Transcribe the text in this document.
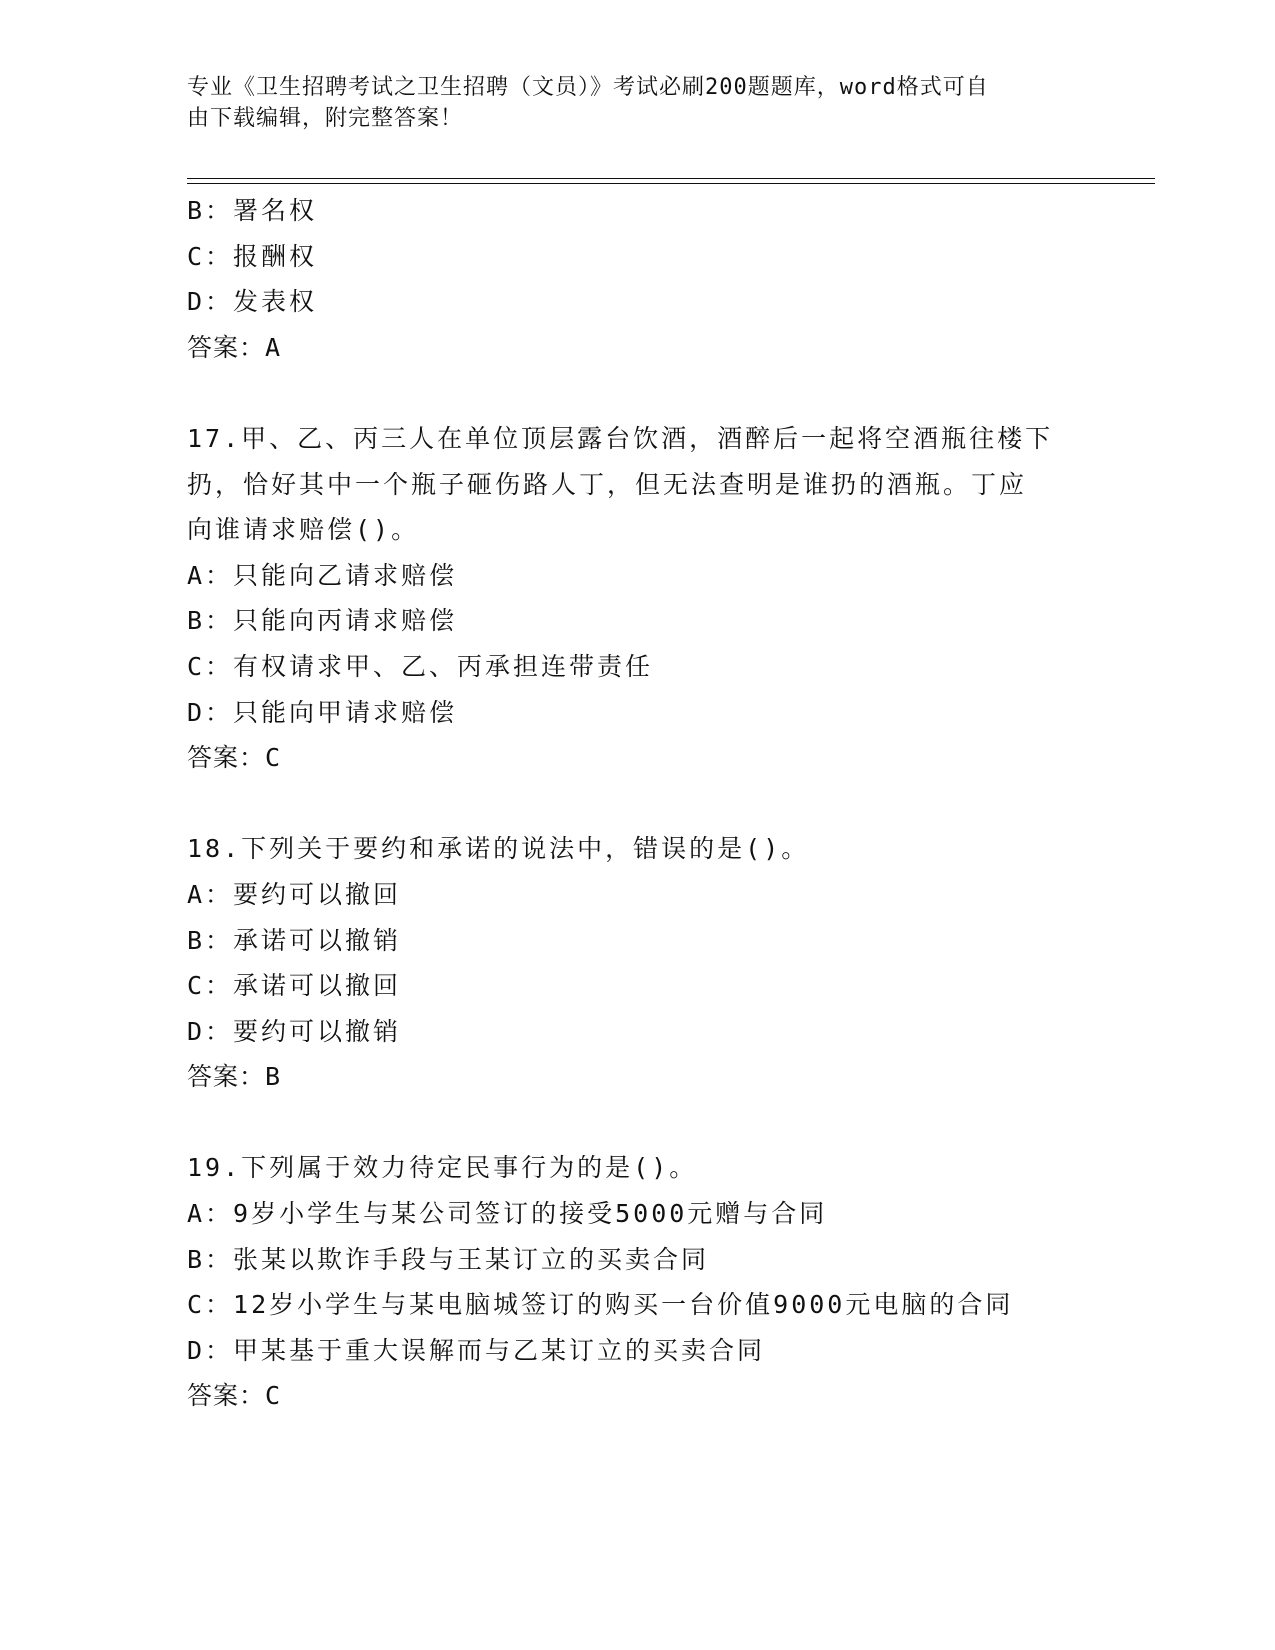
专业《卫生招聘考试之卫生招聘（文员）》考试必刷200题题库，word格式可自
由下载编辑，附完整答案！
B：署名权
C：报酬权
D：发表权
答案：A
17.甲、乙、丙三人在单位顶层露台饮酒，酒醉后一起将空酒瓶往楼下
扔，恰好其中一个瓶子砸伤路人丁，但无法查明是谁扔的酒瓶。丁应
向谁请求赔偿()。
A：只能向乙请求赔偿
B：只能向丙请求赔偿
C：有权请求甲、乙、丙承担连带责任
D：只能向甲请求赔偿
答案：C
18.下列关于要约和承诺的说法中，错误的是()。
A：要约可以撤回
B：承诺可以撤销
C：承诺可以撤回
D：要约可以撤销
答案：B
19.下列属于效力待定民事行为的是()。
A：9岁小学生与某公司签订的接受5000元赠与合同
B：张某以欺诈手段与王某订立的买卖合同
C：12岁小学生与某电脑城签订的购买一台价值9000元电脑的合同
D：甲某基于重大误解而与乙某订立的买卖合同
答案：C
